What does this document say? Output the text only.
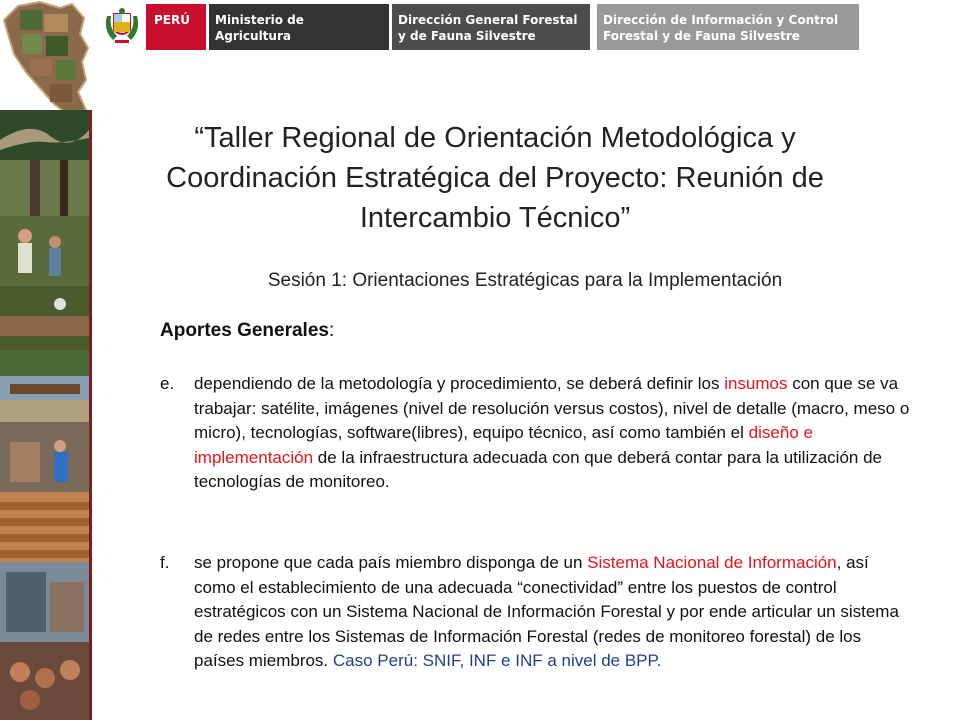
PERÚ	Ministerio de Agricultura
Dirección General Forestal y de Fauna Silvestre
Dirección de Información y Control Forestal y de Fauna Silvestre
“Taller Regional de Orientación Metodológica y Coordinación Estratégica del Proyecto: Reunión de Intercambio Técnico”
Sesión 1: Orientaciones Estratégicas para la Implementación
Aportes Generales:
e.	dependiendo de la metodología y procedimiento, se deberá definir los insumos con que se va trabajar: satélite, imágenes (nivel de resolución versus costos), nivel de detalle (macro, meso o micro), tecnologías, software(libres), equipo técnico, así como también el diseño e implementación de la infraestructura adecuada con que deberá contar para la utilización de tecnologías de monitoreo.
f.	se propone que cada país miembro disponga de un Sistema Nacional de Información, así como el establecimiento de una adecuada “conectividad” entre los puestos de control estratégicos con un Sistema Nacional de Información Forestal y por ende articular un sistema de redes entre los Sistemas de Información Forestal (redes de monitoreo forestal) de los países miembros. Caso Perú: SNIF, INF e INF a nivel de BPP.
